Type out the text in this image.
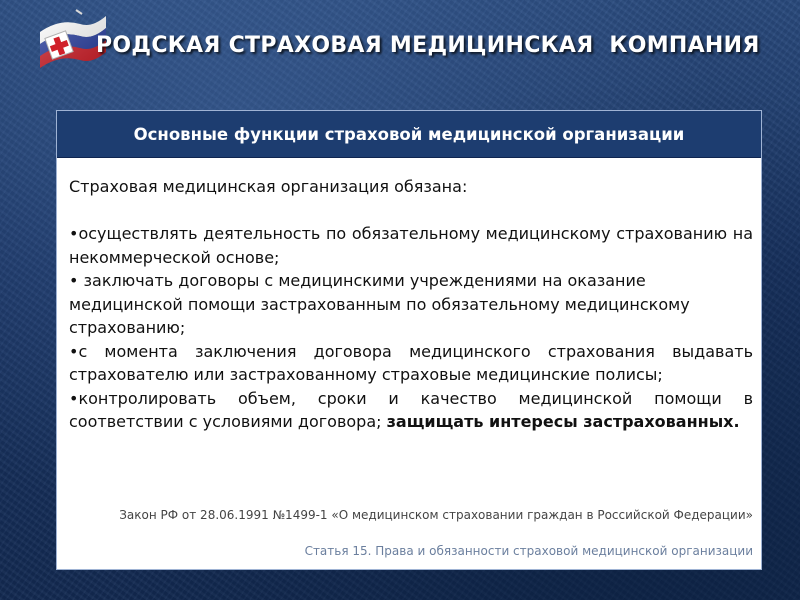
РОДСКАЯ СТРАХОВАЯ МЕДИЦИНСКАЯ  КОМПАНИЯ
Основные функции страховой медицинской организации

Страховая медицинская организация обязана:

•осуществлять деятельность по обязательному медицинскому страхованию на некоммерческой основе;

• заключать договоры с медицинскими учреждениями на оказание медицинской помощи застрахованным по обязательному медицинскому страхованию;

•с момента заключения договора медицинского страхования выдавать страхователю или застрахованному страховые медицинские полисы;

•контролировать объем, сроки и качество медицинской помощи в соответствии с условиями договора; защищать интересы застрахованных.

Закон РФ от 28.06.1991 №1499-1 «О медицинском страховании граждан в Российской Федерации»
Статья 15. Права и обязанности страховой медицинской организации
